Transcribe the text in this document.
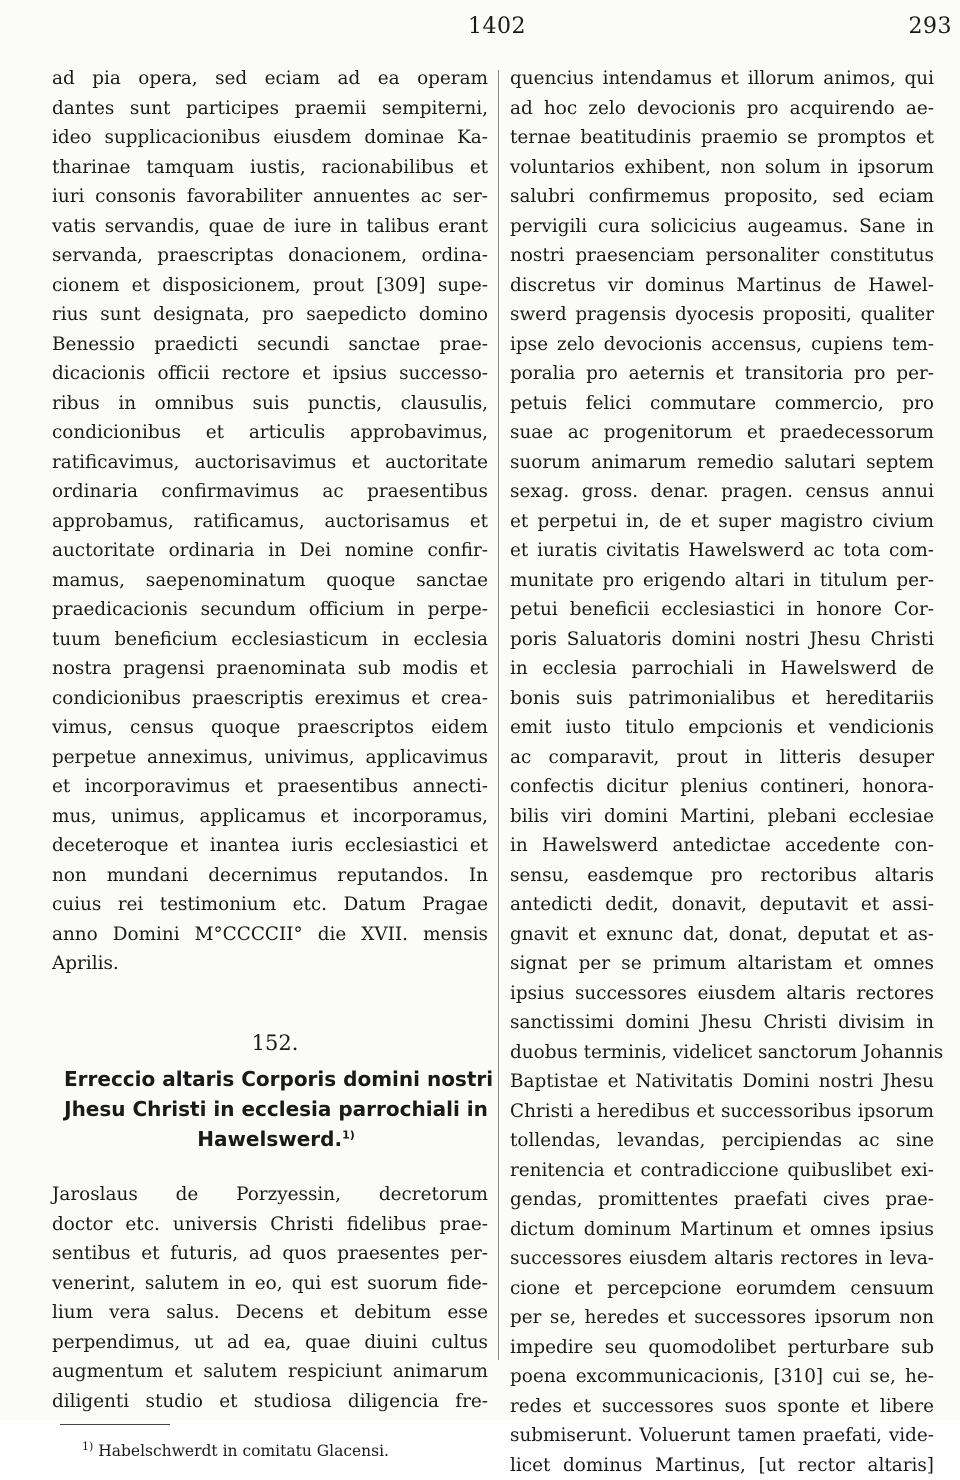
1402	293

ad pia opera, sed eciam ad ea operam

dantes sunt participes praemii sempiterni,

ideo supplicacionibus eiusdem dominae Ka-

tharinae tamquam iustis, racionabilibus et

iuri consonis favorabiliter annuentes ac ser-

vatis servandis, quae de iure in talibus erant

servanda, praescriptas donacionem, ordina-

cionem et disposicionem, prout [309] supe-

rius sunt designata, pro saepedicto domino

Benessio praedicti secundi sanctae prae-

dicacionis officii rectore et ipsius successo-

ribus in omnibus suis punctis, clausulis,

condicionibus et articulis approbavimus,

ratificavimus, auctorisavimus et auctoritate

ordinaria confirmavimus ac praesentibus

approbamus, ratificamus, auctorisamus et

auctoritate ordinaria in Dei nomine confir-

mamus, saepenominatum quoque sanctae

praedicacionis secundum officium in perpe-

tuum beneficium ecclesiasticum in ecclesia

nostra pragensi praenominata sub modis et

condicionibus praescriptis ereximus et crea-

vimus, census quoque praescriptos eidem

perpetue anneximus, univimus, applicavimus

et incorporavimus et praesentibus annecti-

mus, unimus, applicamus et incorporamus,

deceteroque et inantea iuris ecclesiastici et

non mundani decernimus reputandos. In

cuius rei testimonium etc. Datum Pragae

anno Domini M°CCCCII° die XVII. mensis

Aprilis.

152.

Erreccio altaris Corporis domini nostri

Jhesu Christi in ecclesia parrochiali in

Hawelswerd.$^{1)}$

Jaroslaus de Porzyessin, decretorum

doctor etc. universis Christi fidelibus prae-

sentibus et futuris, ad quos praesentes per-

venerint, salutem in eo, qui est suorum fide-

lium vera salus. Decens et debitum esse

perpendimus, ut ad ea, quae diuini cultus

augmentum et salutem respiciunt animarum

diligenti studio et studiosa diligencia fre-

$^{1)}$ Habelschwerdt in comitatu Glacensi.

quencius intendamus et illorum animos, qui

ad hoc zelo devocionis pro acquirendo ae-

ternae beatitudinis praemio se promptos et

voluntarios exhibent, non solum in ipsorum

salubri confirmemus proposito, sed eciam

pervigili cura solicicius augeamus. Sane in

nostri praesenciam personaliter constitutus

discretus vir dominus Martinus de Hawel-

swerd pragensis dyocesis propositi, qualiter

ipse zelo devocionis accensus, cupiens tem-

poralia pro aeternis et transitoria pro per-

petuis felici commutare commercio, pro

suae ac progenitorum et praedecessorum

suorum animarum remedio salutari septem

sexag. gross. denar. pragen. census annui

et perpetui in, de et super magistro civium

et iuratis civitatis Hawelswerd ac tota com-

munitate pro erigendo altari in titulum per-

petui beneficii ecclesiastici in honore Cor-

poris Saluatoris domini nostri Jhesu Christi

in ecclesia parrochiali in Hawelswerd de

bonis suis patrimonialibus et hereditariis

emit iusto titulo empcionis et vendicionis

ac comparavit, prout in litteris desuper

confectis dicitur plenius contineri, honora-

bilis viri domini Martini, plebani ecclesiae

in Hawelswerd antedictae accedente con-

sensu, easdemque pro rectoribus altaris

antedicti dedit, donavit, deputavit et assi-

gnavit et exnunc dat, donat, deputat et as-

signat per se primum altaristam et omnes

ipsius successores eiusdem altaris rectores

sanctissimi domini Jhesu Christi divisim in

duobus terminis, videlicet sanctorum Johannis

Baptistae et Nativitatis Domini nostri Jhesu

Christi a heredibus et successoribus ipsorum

tollendas, levandas, percipiendas ac sine

renitencia et contradiccione quibuslibet exi-

gendas, promittentes praefati cives prae-

dictum dominum Martinum et omnes ipsius

successores eiusdem altaris rectores in leva-

cione et percepcione eorumdem censuum

per se, heredes et successores ipsorum non

impedire seu quomodolibet perturbare sub

poena excommunicacionis, [310] cui se, he-

redes et successores suos sponte et libere

submiserunt. Voluerunt tamen praefati, vide-

licet dominus Martinus, [ut rector altaris]
